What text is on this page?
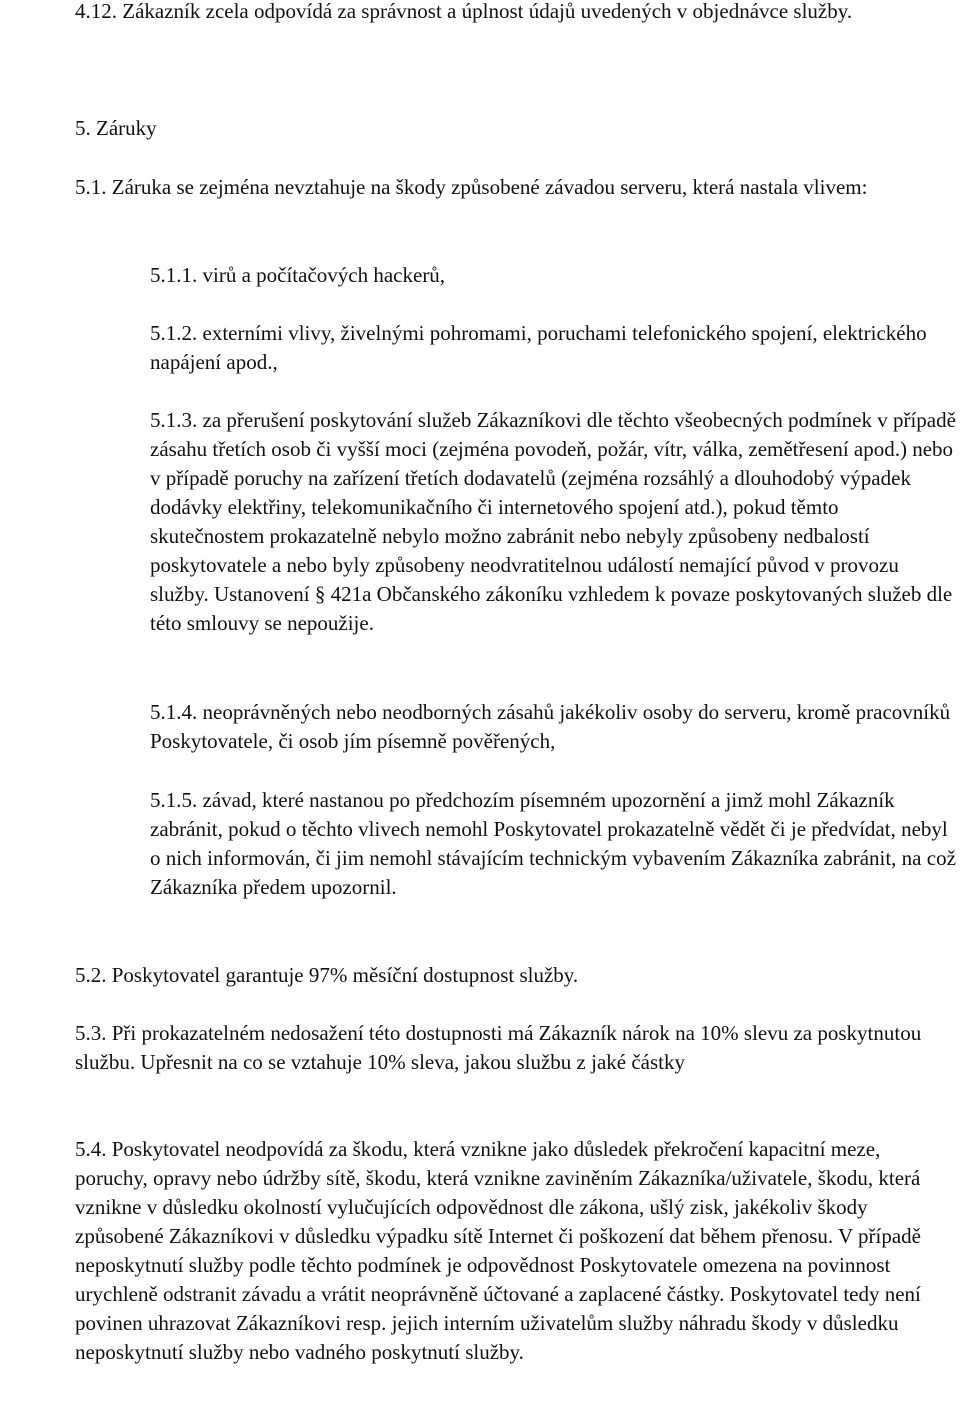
4.12. Zákazník zcela odpovídá za správnost a úplnost údajů uvedených v objednávce služby.

5. Záruky

5.1. Záruka se zejména nevztahuje na škody způsobené závadou serveru, která nastala vlivem:

5.1.1. virů a počítačových hackerů,

5.1.2. externími vlivy, živelnými pohromami, poruchami telefonického spojení, elektrického napájení apod.,

5.1.3. za přerušení poskytování služeb Zákazníkovi dle těchto všeobecných podmínek v případě zásahu třetích osob či vyšší moci (zejména povodeň, požár, vítr, válka, zemětřesení apod.) nebo v případě poruchy na zařízení třetích dodavatelů (zejména rozsáhlý a dlouhodobý výpadek dodávky elektřiny, telekomunikačního či internetového spojení atd.), pokud těmto skutečnostem prokazatelně nebylo možno zabránit nebo nebyly způsobeny nedbalostí poskytovatele a nebo byly způsobeny neodvratitelnou událostí nemající původ v provozu služby. Ustanovení § 421a Občanského zákoníku vzhledem k povaze poskytovaných služeb dle této smlouvy se nepoužije.

5.1.4. neoprávněných nebo neodborných zásahů jakékoliv osoby do serveru, kromě pracovníků Poskytovatele, či osob jím písemně pověřených,

5.1.5. závad, které nastanou po předchozím písemném upozornění a jimž mohl Zákazník zabránit, pokud o těchto vlivech nemohl Poskytovatel prokazatelně vědět či je předvídat, nebyl o nich informován, či jim nemohl stávajícím technickým vybavením Zákazníka zabránit, na což Zákazníka předem upozornil.

5.2. Poskytovatel garantuje 97% měsíční dostupnost služby.

5.3. Při prokazatelném nedosažení této dostupnosti má Zákazník nárok na 10% slevu za poskytnutou službu. Upřesnit na co se vztahuje 10% sleva, jakou službu z jaké částky

5.4. Poskytovatel neodpovídá za škodu, která vznikne jako důsledek překročení kapacitní meze, poruchy, opravy nebo údržby sítě, škodu, která vznikne zaviněním Zákazníka/uživatele, škodu, která vznikne v důsledku okolností vylučujících odpovědnost dle zákona, ušlý zisk, jakékoliv škody způsobené Zákazníkovi v důsledku výpadku sítě Internet či poškození dat během přenosu. V případě neposkytnutí služby podle těchto podmínek je odpovědnost Poskytovatele omezena na povinnost urychleně odstranit závadu a vrátit neoprávněně účtované a zaplacené částky. Poskytovatel tedy není povinen uhrazovat Zákazníkovi resp. jejich interním uživatelům služby náhradu škody v důsledku neposkytnutí služby nebo vadného poskytnutí služby.
